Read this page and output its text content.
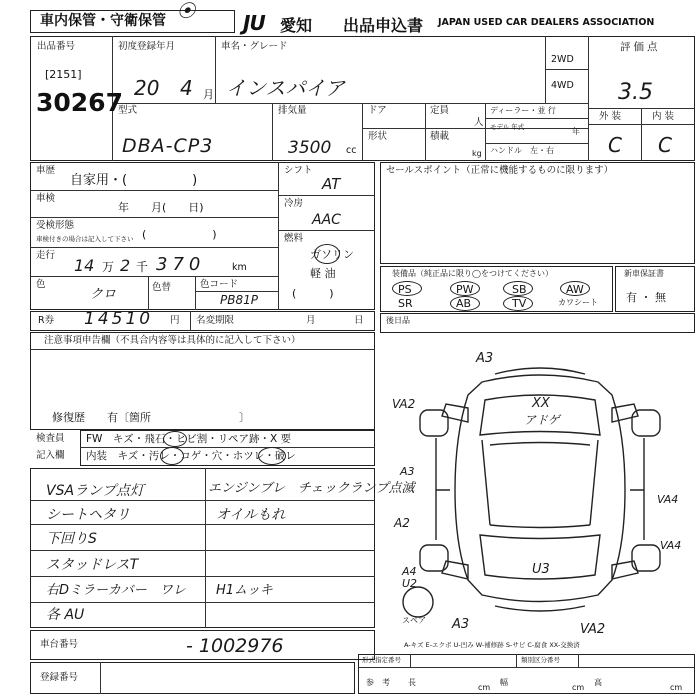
車内保管・守衛保管 ⦿ JU 愛知 出品申込書 JAPAN USED CAR DEALERS ASSOCIATION
出品番号
[2151]
30267
初度登録年月
20 4 月
車名・グレード
インスパイア
2WD
4WD
評価点
3.5
外 装	内 装
C C
型式
DBA-CP3
排気量
3500 cc
ドア	定員
人
形状	積載
kg
ディーラー・並 行
モデル 年式	年
ハンドル　左・右
車歴
自家用・(　　　　　)
車検
年　　月(　　日)
受検形態
車検付きの場合は記入して下さい (　　　　　　)
走行
14 万 2 千 370	km
色
クロ	色替	色コード
PB81P
シフト
AT
冷房
AAC
燃料
ガソリン
軽 油
(　　　)
セールスポイント（正常に機能するものに限ります）
装備品（純正品に限り◯をつけてください）
PS	PW	SB	AW
SR	AB	TV	カワシート
新車保証書
有 ・ 無
R券 14510 円 名変期限	月	日	後日品
注意事項申告欄（不具合内容等は具体的に記入して下さい）
修復歴　　有〔箇所　　　　　　　　〕
検査員
記入欄
FW　キズ・飛石・ヒビ割・リペア跡・X 要
内装　キズ・汚レ・コゲ・穴・ホツレ・破レ
VSAランプ点灯	エンジンブレ　チェックランプ点滅
シートヘタリ	オイルもれ
下回りS
スタッドレスT
右Dミラーカバー　ワレ H1ムッキ
各 AU
車台番号	- 1002976
登録番号
A3
XX
アドゲ
VA2
A3
VA4
A2
VA4
U3
A4
U2
A3	VA2
スペア
A-キズ E-エクボ U-凹み W-補修跡 S-サビ C-腐食 XX-交換済
形式指定番号	類別区分番号
参　考 長
cm
幅
cm
高
cm
